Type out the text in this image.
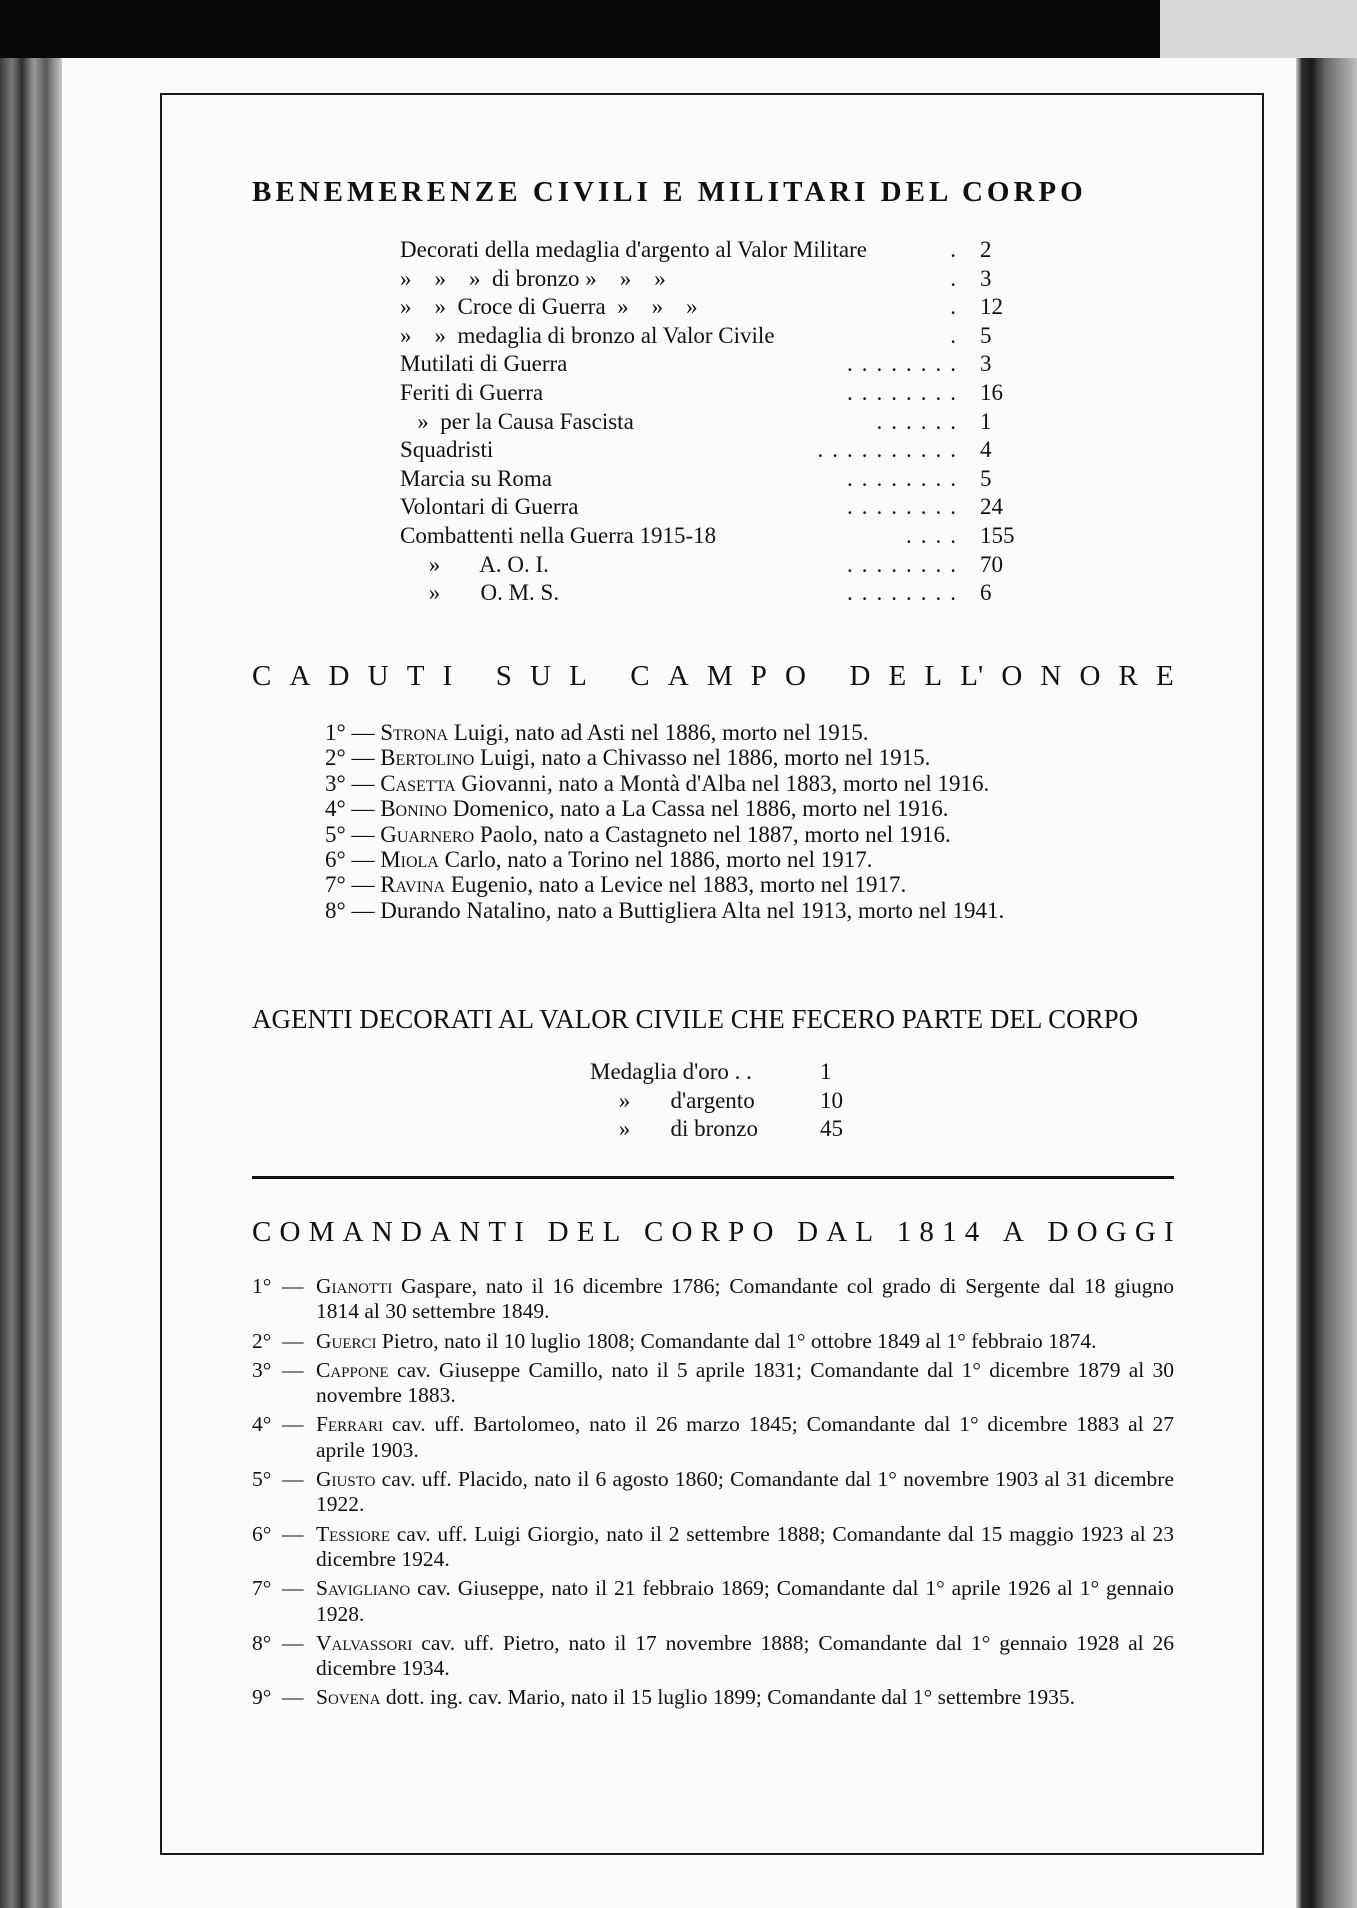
BENEMERENZE CIVILI E MILITARI DEL CORPO
Decorati della medaglia d'argento al Valor Militare	. 2
»    »    »  di bronzo »    »    »	. 3
»    »  Croce di Guerra  »    »    »	. 12
»    »  medaglia di bronzo al Valor Civile	. 5
Mutilati di Guerra	........ 3
Feriti di Guerra	........ 16
»  per la Causa Fascista	...... 1
Squadristi	.......... 4
Marcia su Roma	........ 5
Volontari di Guerra	........ 24
Combattenti nella Guerra 1915-18	.... 155
»       A. O. I.	........ 70
»       O. M. S.	........ 6
C A D U T I
S U L
C A M P O
D E L L' O N O R E
1° — Strona Luigi, nato ad Asti nel 1886, morto nel 1915.
2° — Bertolino Luigi, nato a Chivasso nel 1886, morto nel 1915.
3° — Casetta Giovanni, nato a Montà d'Alba nel 1883, morto nel 1916.
4° — Bonino Domenico, nato a La Cassa nel 1886, morto nel 1916.
5° — Guarnero Paolo, nato a Castagneto nel 1887, morto nel 1916.
6° — Miola Carlo, nato a Torino nel 1886, morto nel 1917.
7° — Ravina Eugenio, nato a Levice nel 1883, morto nel 1917.
8° — Durando Natalino, nato a Buttigliera Alta nel 1913, morto nel 1941.
AGENTI DECORATI AL VALOR CIVILE CHE FECERO PARTE DEL CORPO
Medaglia d'oro . .	1
»       d'argento	10
»       di bronzo	45
C O M A N D A N T I
D E L
C O R P O
D A L
1 8 1 4
A
D O G G I
1° — Gianotti Gaspare, nato il 16 dicembre 1786; Comandante col grado di Sergente dal 18 giugno 1814 al 30 settembre 1849.
2° — Guerci Pietro, nato il 10 luglio 1808; Comandante dal 1° ottobre 1849 al 1° febbraio 1874.
3° — Cappone cav. Giuseppe Camillo, nato il 5 aprile 1831; Comandante dal 1° dicembre 1879 al 30 novembre 1883.
4° — Ferrari cav. uff. Bartolomeo, nato il 26 marzo 1845; Comandante dal 1° dicembre 1883 al 27 aprile 1903.
5° — Giusto cav. uff. Placido, nato il 6 agosto 1860; Comandante dal 1° novembre 1903 al 31 dicembre 1922.
6° — Tessiore cav. uff. Luigi Giorgio, nato il 2 settembre 1888; Comandante dal 15 maggio 1923 al 23 dicembre 1924.
7° — Savigliano cav. Giuseppe, nato il 21 febbraio 1869; Comandante dal 1° aprile 1926 al 1° gennaio 1928.
8° — Valvassori cav. uff. Pietro, nato il 17 novembre 1888; Comandante dal 1° gennaio 1928 al 26 dicembre 1934.
9° — Sovena dott. ing. cav. Mario, nato il 15 luglio 1899; Comandante dal 1° settembre 1935.
